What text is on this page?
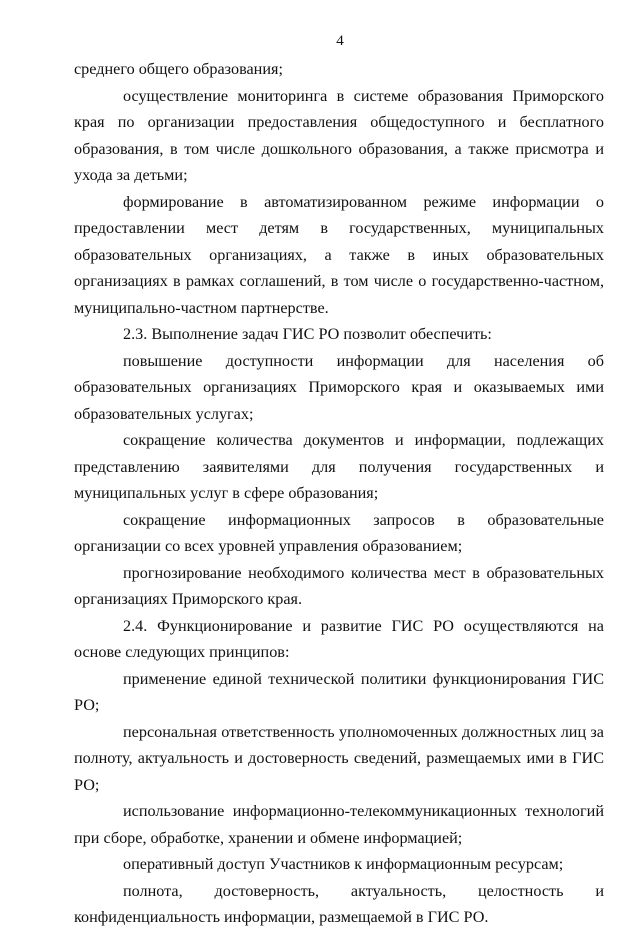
4

среднего общего образования;

осуществление мониторинга в системе образования Приморского края по организации предоставления общедоступного и бесплатного образования, в том числе дошкольного образования, а также присмотра и ухода за детьми;

формирование в автоматизированном режиме информации о предоставлении мест детям в государственных, муниципальных образовательных организациях, а также в иных образовательных организациях в рамках соглашений, в том числе о государственно-частном, муниципально-частном партнерстве.

2.3. Выполнение задач ГИС РО позволит обеспечить:

повышение доступности информации для населения об образовательных организациях Приморского края и оказываемых ими образовательных услугах;

сокращение количества документов и информации, подлежащих представлению заявителями для получения государственных и муниципальных услуг в сфере образования;

сокращение информационных запросов в образовательные организации со всех уровней управления образованием;

прогнозирование необходимого количества мест в образовательных организациях Приморского края.

2.4. Функционирование и развитие ГИС РО осуществляются на основе следующих принципов:

применение единой технической политики функционирования ГИС РО;

персональная ответственность уполномоченных должностных лиц за полноту, актуальность и достоверность сведений, размещаемых ими в ГИС РО;

использование информационно-телекоммуникационных технологий при сборе, обработке, хранении и обмене информацией;

оперативный доступ Участников к информационным ресурсам;

полнота, достоверность, актуальность, целостность и конфиденциальность информации, размещаемой в ГИС РО.
